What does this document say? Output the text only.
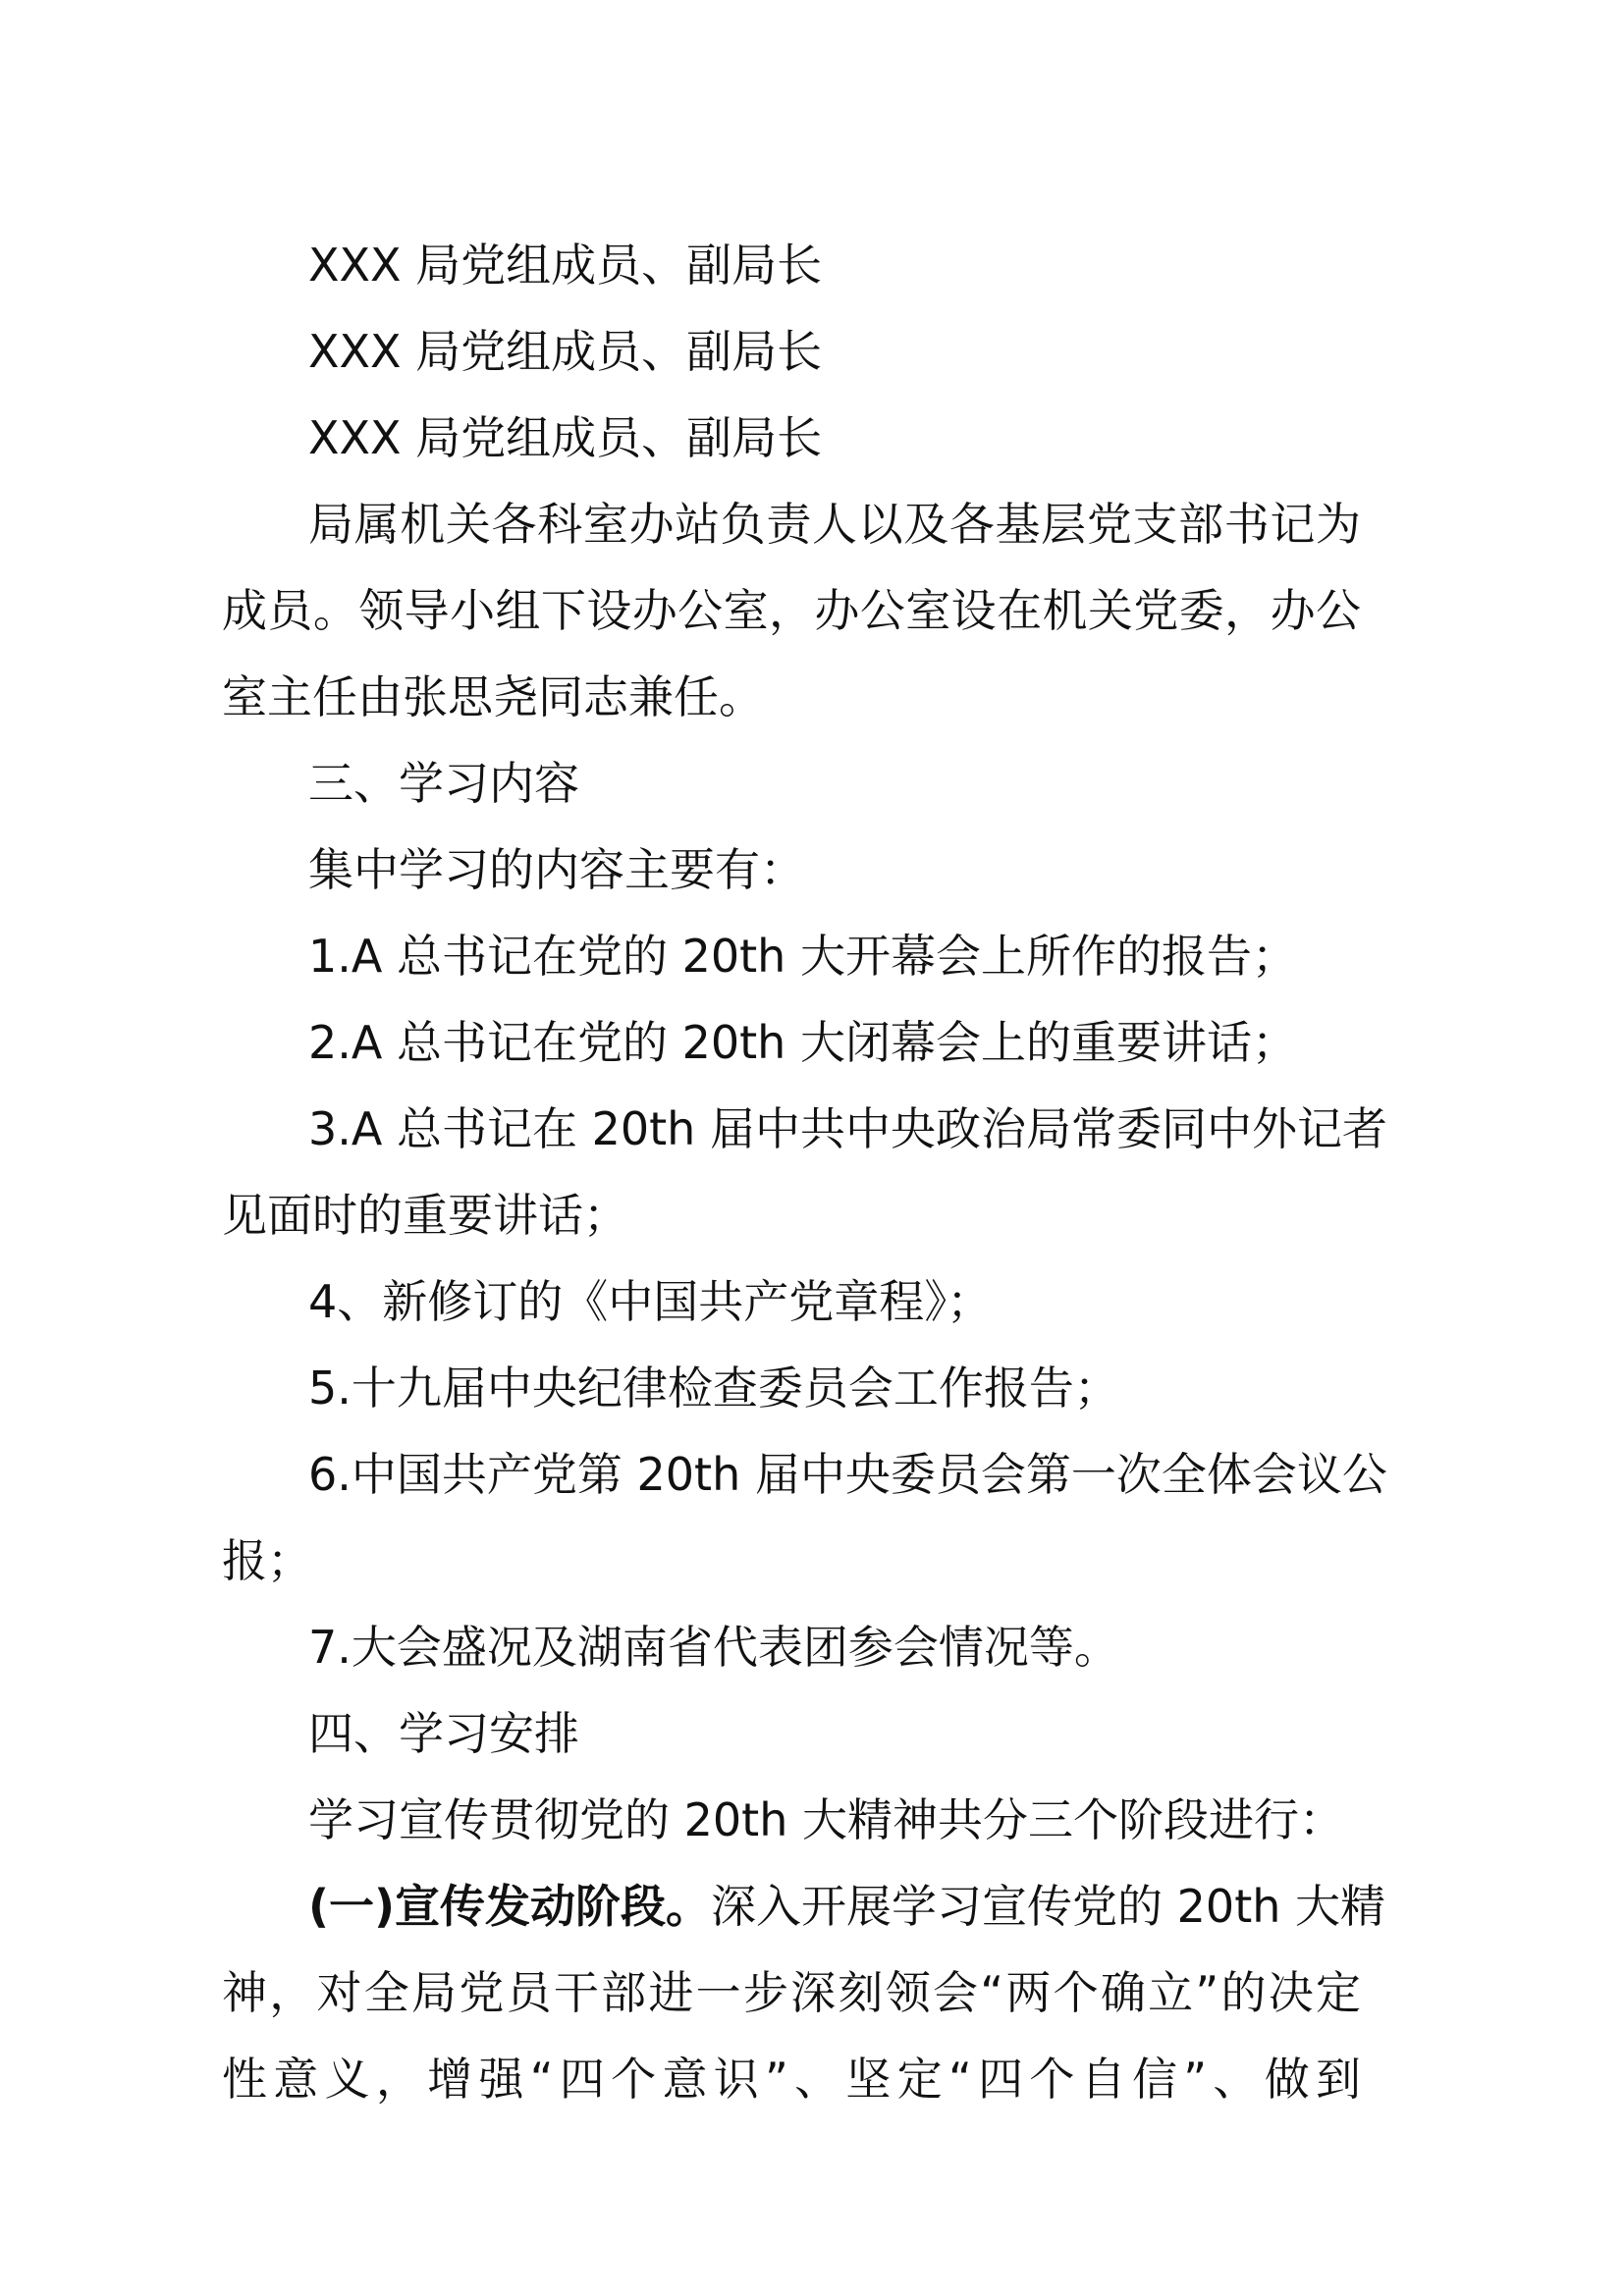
XXX 局党组成员、副局长
XXX 局党组成员、副局长
XXX 局党组成员、副局长
局属机关各科室办站负责人以及各基层党支部书记为
成员。领导小组下设办公室，办公室设在机关党委，办公
室主任由张思尧同志兼任。
三、学习内容
集中学习的内容主要有：
1.A 总书记在党的 20th 大开幕会上所作的报告；
2.A 总书记在党的 20th 大闭幕会上的重要讲话；
3.A 总书记在 20th 届中共中央政治局常委同中外记者
见面时的重要讲话；
4、新修订的《中国共产党章程》；
5.十九届中央纪律检查委员会工作报告；
6.中国共产党第 20th 届中央委员会第一次全体会议公
报；
7.大会盛况及湖南省代表团参会情况等。
四、学习安排
学习宣传贯彻党的 20th 大精神共分三个阶段进行：
(一)宣传发动阶段。深入开展学习宣传党的 20th 大精
神，对全局党员干部进一步深刻领会“两个确立”的决定
性意义，增强“四个意识”、坚定“四个自信”、做到
